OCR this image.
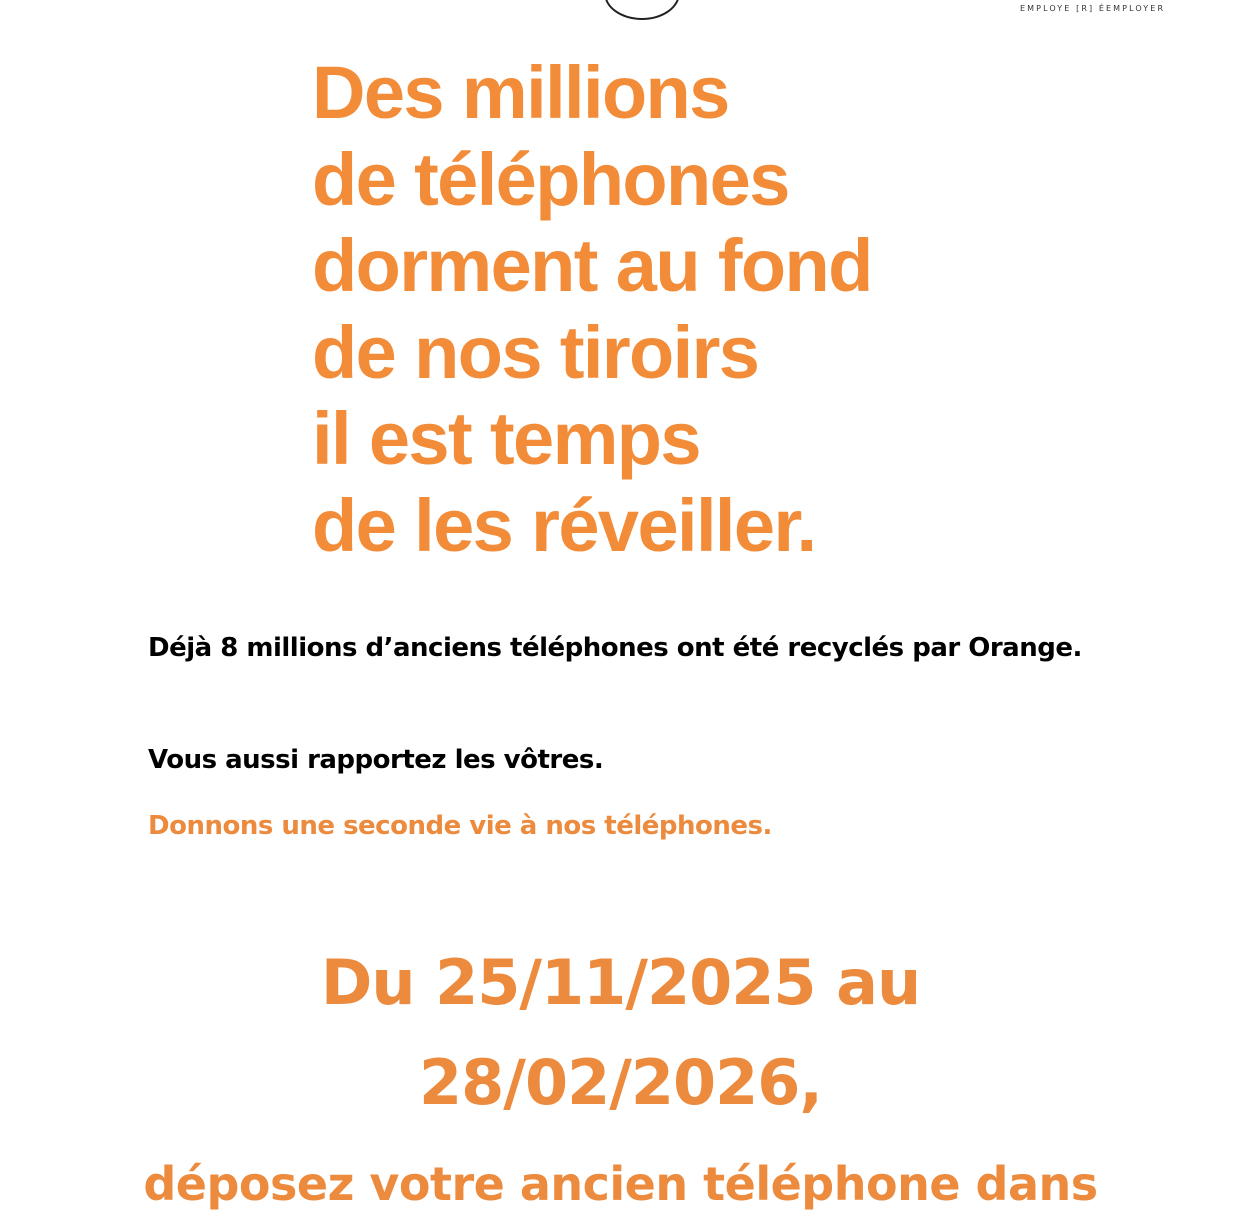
EMPLOYE [R] ÉEMPLOYER
Des millions
de téléphones
dorment au fond
de nos tiroirs
il est temps
de les réveiller.

Déjà 8 millions d’anciens téléphones ont été recyclés par Orange.

Vous aussi rapportez les vôtres.

Donnons une seconde vie à nos téléphones.

Du 25/11/2025 au

28/02/2026,

déposez votre ancien téléphone dans
